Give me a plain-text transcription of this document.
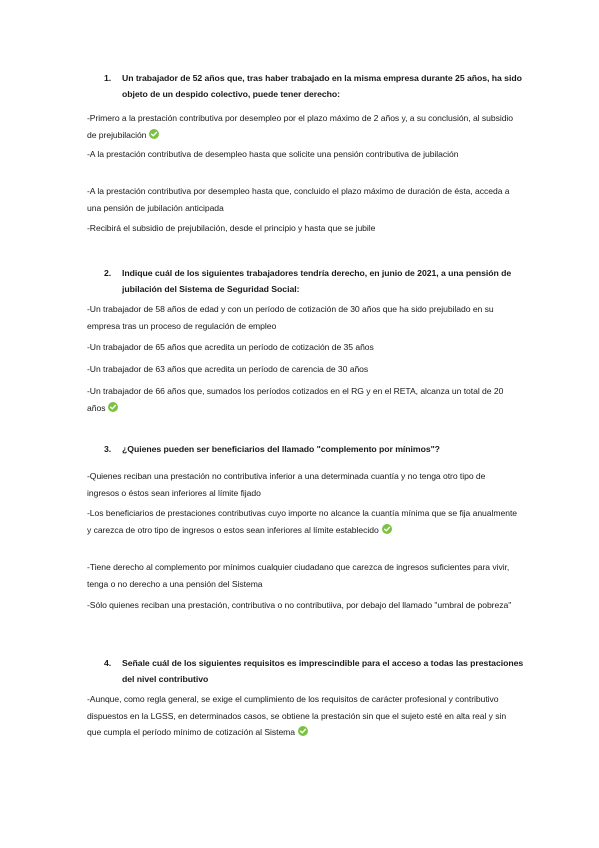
1.	Un trabajador de 52 años que, tras haber trabajado en la misma empresa durante 25 años, ha sido objeto de un despido colectivo, puede tener derecho:
-Primero a la prestación contributiva por desempleo por el plazo máximo de 2 años y, a su conclusión, al subsidio de prejubilación
-A la prestación contributiva de desempleo hasta que solicite una pensión contributiva de jubilación
-A la prestación contributiva por desempleo hasta que, concluido el plazo máximo de duración de ésta, acceda a una pensión de jubilación anticipada
-Recibirá el subsidio de prejubilación, desde el principio y hasta que se jubile
2.	Indique cuál de los siguientes trabajadores tendría derecho, en junio de 2021, a una pensión de jubilación del Sistema de Seguridad Social:
-Un trabajador de 58 años de edad y con un período de cotización de 30 años que ha sido prejubilado en su empresa tras un proceso de regulación de empleo
-Un trabajador de 65 años que acredita un período de cotización de 35 años
-Un trabajador de 63 años que acredita un período de carencia de 30 años
-Un trabajador de 66 años que, sumados los períodos cotizados en el RG y en el RETA, alcanza un total de 20 años
3.	¿Quienes pueden ser beneficiarios del llamado "complemento por mínimos"?
-Quienes reciban una prestación no contributiva inferior a una determinada cuantía y no tenga otro tipo de ingresos o éstos sean inferiores al límite fijado
-Los beneficiarios de prestaciones contributivas cuyo importe no alcance la cuantía mínima que se fija anualmente y carezca de otro tipo de ingresos o estos sean inferiores al límite establecido
-Tiene derecho al complemento por mínimos cualquier ciudadano que carezca de ingresos suficientes para vivir, tenga o no derecho a una pensión del Sistema
-Sólo quienes reciban una prestación, contributiva o no contributiiva, por debajo del llamado "umbral de pobreza"
4.	Señale cuál de los siguientes requisitos es imprescindible para el acceso a todas las prestaciones del nivel contributivo
-Aunque, como regla general, se exige el cumplimiento de los requisitos de carácter profesional y contributivo dispuestos en la LGSS, en determinados casos, se obtiene la prestación sin que el sujeto esté en alta real y sin que cumpla el período mínimo de cotización al Sistema
